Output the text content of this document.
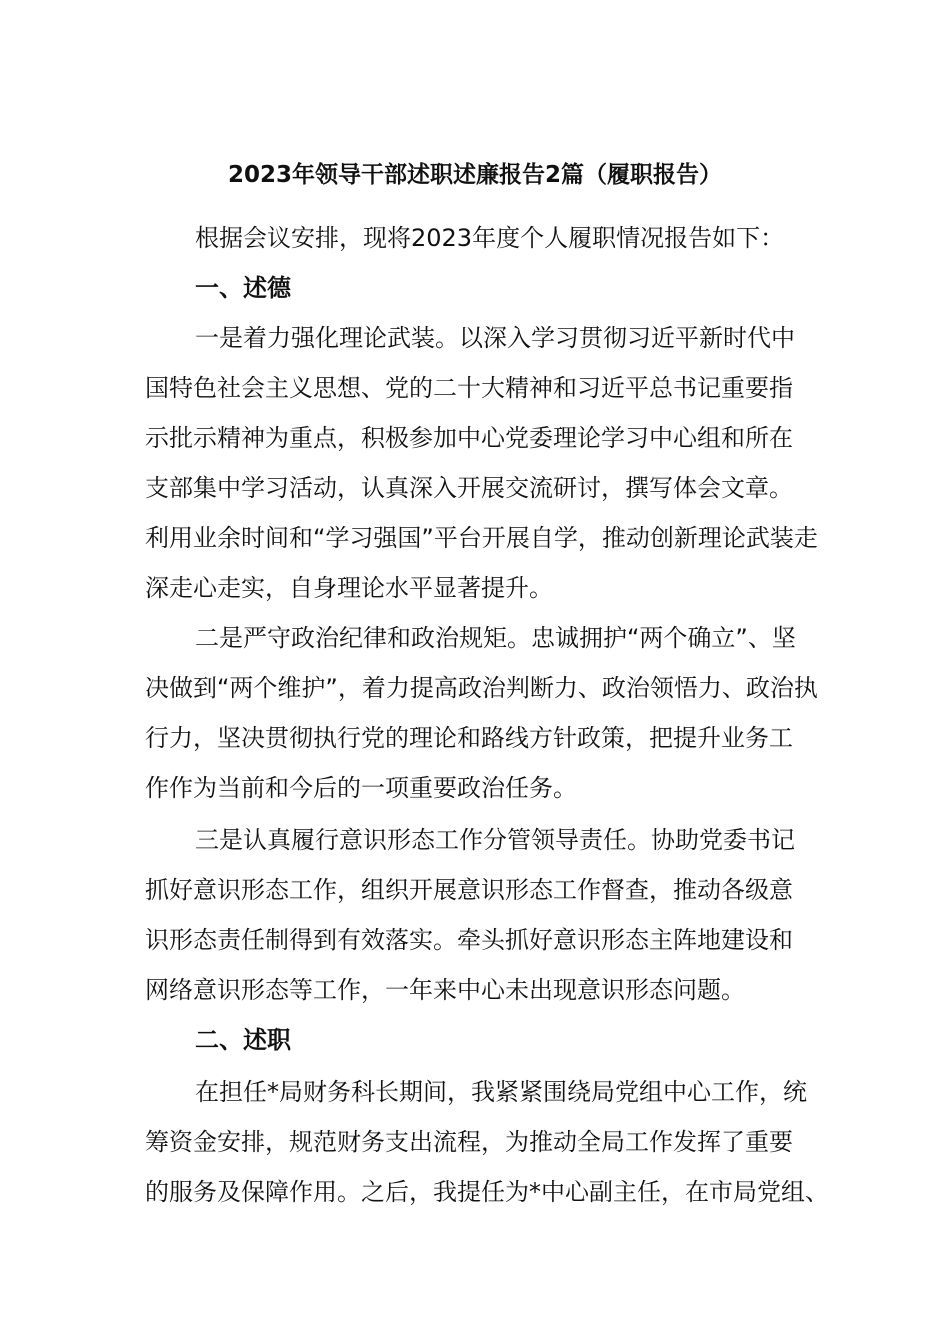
2023年领导干部述职述廉报告2篇（履职报告）
根据会议安排，现将2023年度个人履职情况报告如下：
一、述德
一是着力强化理论武装。以深入学习贯彻习近平新时代中
国特色社会主义思想、党的二十大精神和习近平总书记重要指
示批示精神为重点，积极参加中心党委理论学习中心组和所在
支部集中学习活动，认真深入开展交流研讨，撰写体会文章。
利用业余时间和“学习强国”平台开展自学，推动创新理论武装走
深走心走实，自身理论水平显著提升。
二是严守政治纪律和政治规矩。忠诚拥护“两个确立”、坚
决做到“两个维护”，着力提高政治判断力、政治领悟力、政治执
行力，坚决贯彻执行党的理论和路线方针政策，把提升业务工
作作为当前和今后的一项重要政治任务。
三是认真履行意识形态工作分管领导责任。协助党委书记
抓好意识形态工作，组织开展意识形态工作督查，推动各级意
识形态责任制得到有效落实。牵头抓好意识形态主阵地建设和
网络意识形态等工作，一年来中心未出现意识形态问题。
二、述职
在担任*局财务科长期间，我紧紧围绕局党组中心工作，统
筹资金安排，规范财务支出流程，为推动全局工作发挥了重要
的服务及保障作用。之后，我提任为*中心副主任，在市局党组、
